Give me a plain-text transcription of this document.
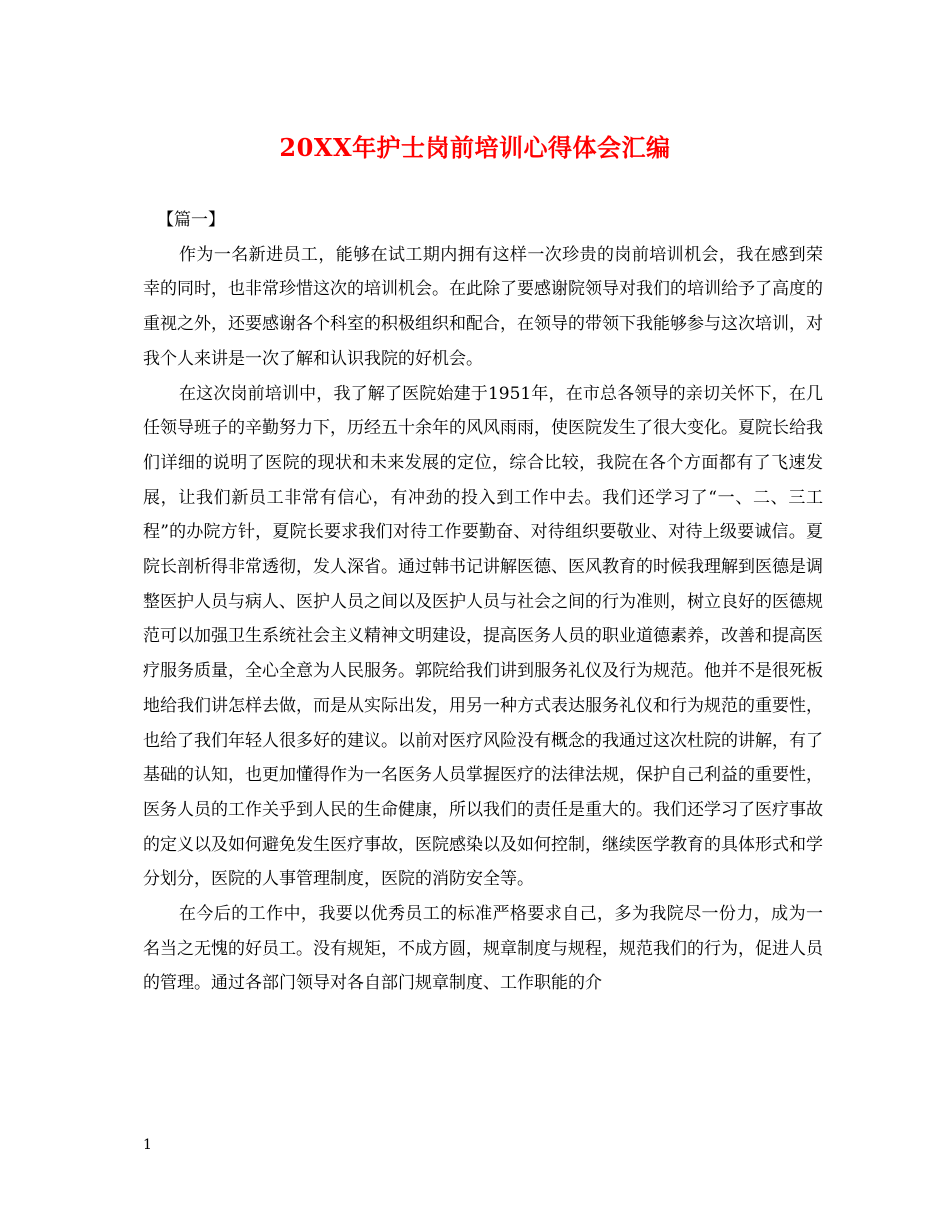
20XX年护士岗前培训心得体会汇编

【篇一】

作为一名新进员工，能够在试工期内拥有这样一次珍贵的岗前培训机会，我在感到荣幸的同时，也非常珍惜这次的培训机会。在此除了要感谢院领导对我们的培训给予了高度的重视之外，还要感谢各个科室的积极组织和配合，在领导的带领下我能够参与这次培训，对我个人来讲是一次了解和认识我院的好机会。

在这次岗前培训中，我了解了医院始建于1951年，在市总各领导的亲切关怀下，在几任领导班子的辛勤努力下，历经五十余年的风风雨雨，使医院发生了很大变化。夏院长给我们详细的说明了医院的现状和未来发展的定位，综合比较，我院在各个方面都有了飞速发展，让我们新员工非常有信心，有冲劲的投入到工作中去。我们还学习了“一、二、三工程”的办院方针，夏院长要求我们对待工作要勤奋、对待组织要敬业、对待上级要诚信。夏院长剖析得非常透彻，发人深省。通过韩书记讲解医德、医风教育的时候我理解到医德是调整医护人员与病人、医护人员之间以及医护人员与社会之间的行为准则，树立良好的医德规范可以加强卫生系统社会主义精神文明建设，提高医务人员的职业道德素养，改善和提高医疗服务质量，全心全意为人民服务。郭院给我们讲到服务礼仪及行为规范。他并不是很死板地给我们讲怎样去做，而是从实际出发，用另一种方式表达服务礼仪和行为规范的重要性，也给了我们年轻人很多好的建议。以前对医疗风险没有概念的我通过这次杜院的讲解，有了基础的认知，也更加懂得作为一名医务人员掌握医疗的法律法规，保护自己利益的重要性，医务人员的工作关乎到人民的生命健康，所以我们的责任是重大的。我们还学习了医疗事故的定义以及如何避免发生医疗事故，医院感染以及如何控制，继续医学教育的具体形式和学分划分，医院的人事管理制度，医院的消防安全等。

在今后的工作中，我要以优秀员工的标准严格要求自己，多为我院尽一份力，成为一名当之无愧的好员工。没有规矩，不成方圆，规章制度与规程，规范我们的行为，促进人员的管理。通过各部门领导对各自部门规章制度、工作职能的介

1
